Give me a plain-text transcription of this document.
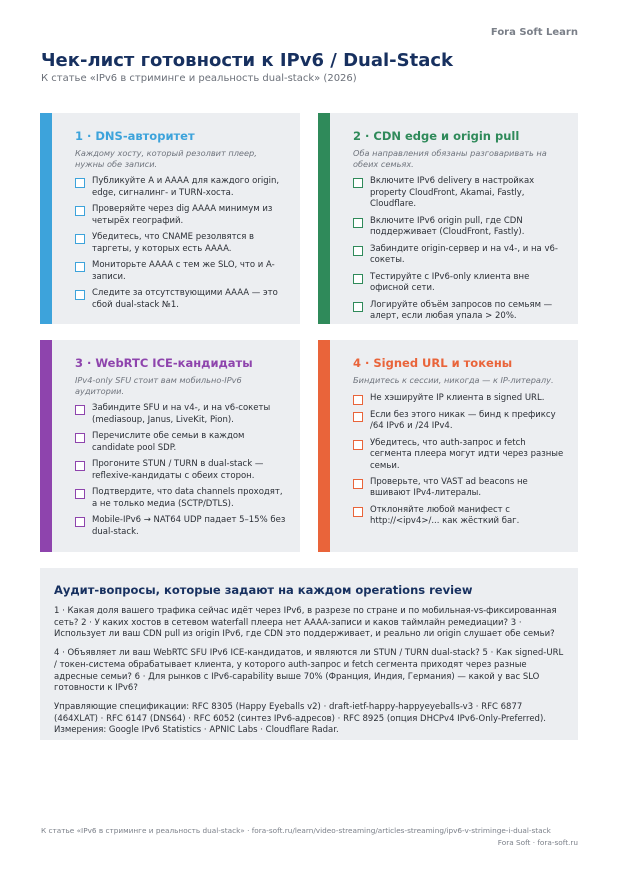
Fora Soft Learn
Чек-лист готовности к IPv6 / Dual-Stack
К статье «IPv6 в стриминге и реальность dual-stack» (2026)
1 · DNS-авторитет
Каждому хосту, который резолвит плеер, нужны обе записи.
Публикуйте A и AAAA для каждого origin, edge, сигналинг- и TURN-хоста.
Проверяйте через dig AAAA минимум из четырёх географий.
Убедитесь, что CNAME резолвятся в таргеты, у которых есть AAAA.
Мониторьте AAAA с тем же SLO, что и A-записи.
Следите за отсутствующими AAAA — это сбой dual-stack №1.
2 · CDN edge и origin pull
Оба направления обязаны разговаривать на обеих семьях.
Включите IPv6 delivery в настройках property CloudFront, Akamai, Fastly, Cloudflare.
Включите IPv6 origin pull, где CDN поддерживает (CloudFront, Fastly).
Забиндите origin-сервер и на v4-, и на v6-сокеты.
Тестируйте с IPv6-only клиента вне офисной сети.
Логируйте объём запросов по семьям — алерт, если любая упала > 20%.
3 · WebRTC ICE-кандидаты
IPv4-only SFU стоит вам мобильно-IPv6 аудитории.
Забиндите SFU и на v4-, и на v6-сокеты (mediasoup, Janus, LiveKit, Pion).
Перечислите обе семьи в каждом candidate pool SDP.
Прогоните STUN / TURN в dual-stack — reflexive-кандидаты с обеих сторон.
Подтвердите, что data channels проходят, а не только медиа (SCTP/DTLS).
Mobile-IPv6 → NAT64 UDP падает 5–15% без dual-stack.
4 · Signed URL и токены
Биндитесь к сессии, никогда — к IP-литералу.
Не хэшируйте IP клиента в signed URL.
Если без этого никак — бинд к префиксу /64 IPv6 и /24 IPv4.
Убедитесь, что auth-запрос и fetch сегмента плеера могут идти через разные семьи.
Проверьте, что VAST ad beacons не вшивают IPv4-литералы.
Отклоняйте любой манифест с http://<ipv4>/... как жёсткий баг.
Аудит-вопросы, которые задают на каждом operations review

1 · Какая доля вашего трафика сейчас идёт через IPv6, в разрезе по стране и по мобильная-vs-фиксированная сеть? 2 · У каких хостов в сетевом waterfall плеера нет AAAA-записи и каков таймлайн ремедиации? 3 · Использует ли ваш CDN pull из origin IPv6, где CDN это поддерживает, и реально ли origin слушает обе семьи?

4 · Объявляет ли ваш WebRTC SFU IPv6 ICE-кандидатов, и являются ли STUN / TURN dual-stack? 5 · Как signed-URL / токен-система обрабатывает клиента, у которого auth-запрос и fetch сегмента приходят через разные адресные семьи? 6 · Для рынков с IPv6-capability выше 70% (Франция, Индия, Германия) — какой у вас SLO готовности к IPv6?

Управляющие спецификации: RFC 8305 (Happy Eyeballs v2) · draft-ietf-happy-happyeyeballs-v3 · RFC 6877 (464XLAT) · RFC 6147 (DNS64) · RFC 6052 (синтез IPv6-адресов) · RFC 8925 (опция DHCPv4 IPv6-Only-Preferred). Измерения: Google IPv6 Statistics · APNIC Labs · Cloudflare Radar.

К статье «IPv6 в стриминге и реальность dual-stack» · fora-soft.ru/learn/video-streaming/articles-streaming/ipv6-v-strimingе-i-dual-stack
Fora Soft · fora-soft.ru
